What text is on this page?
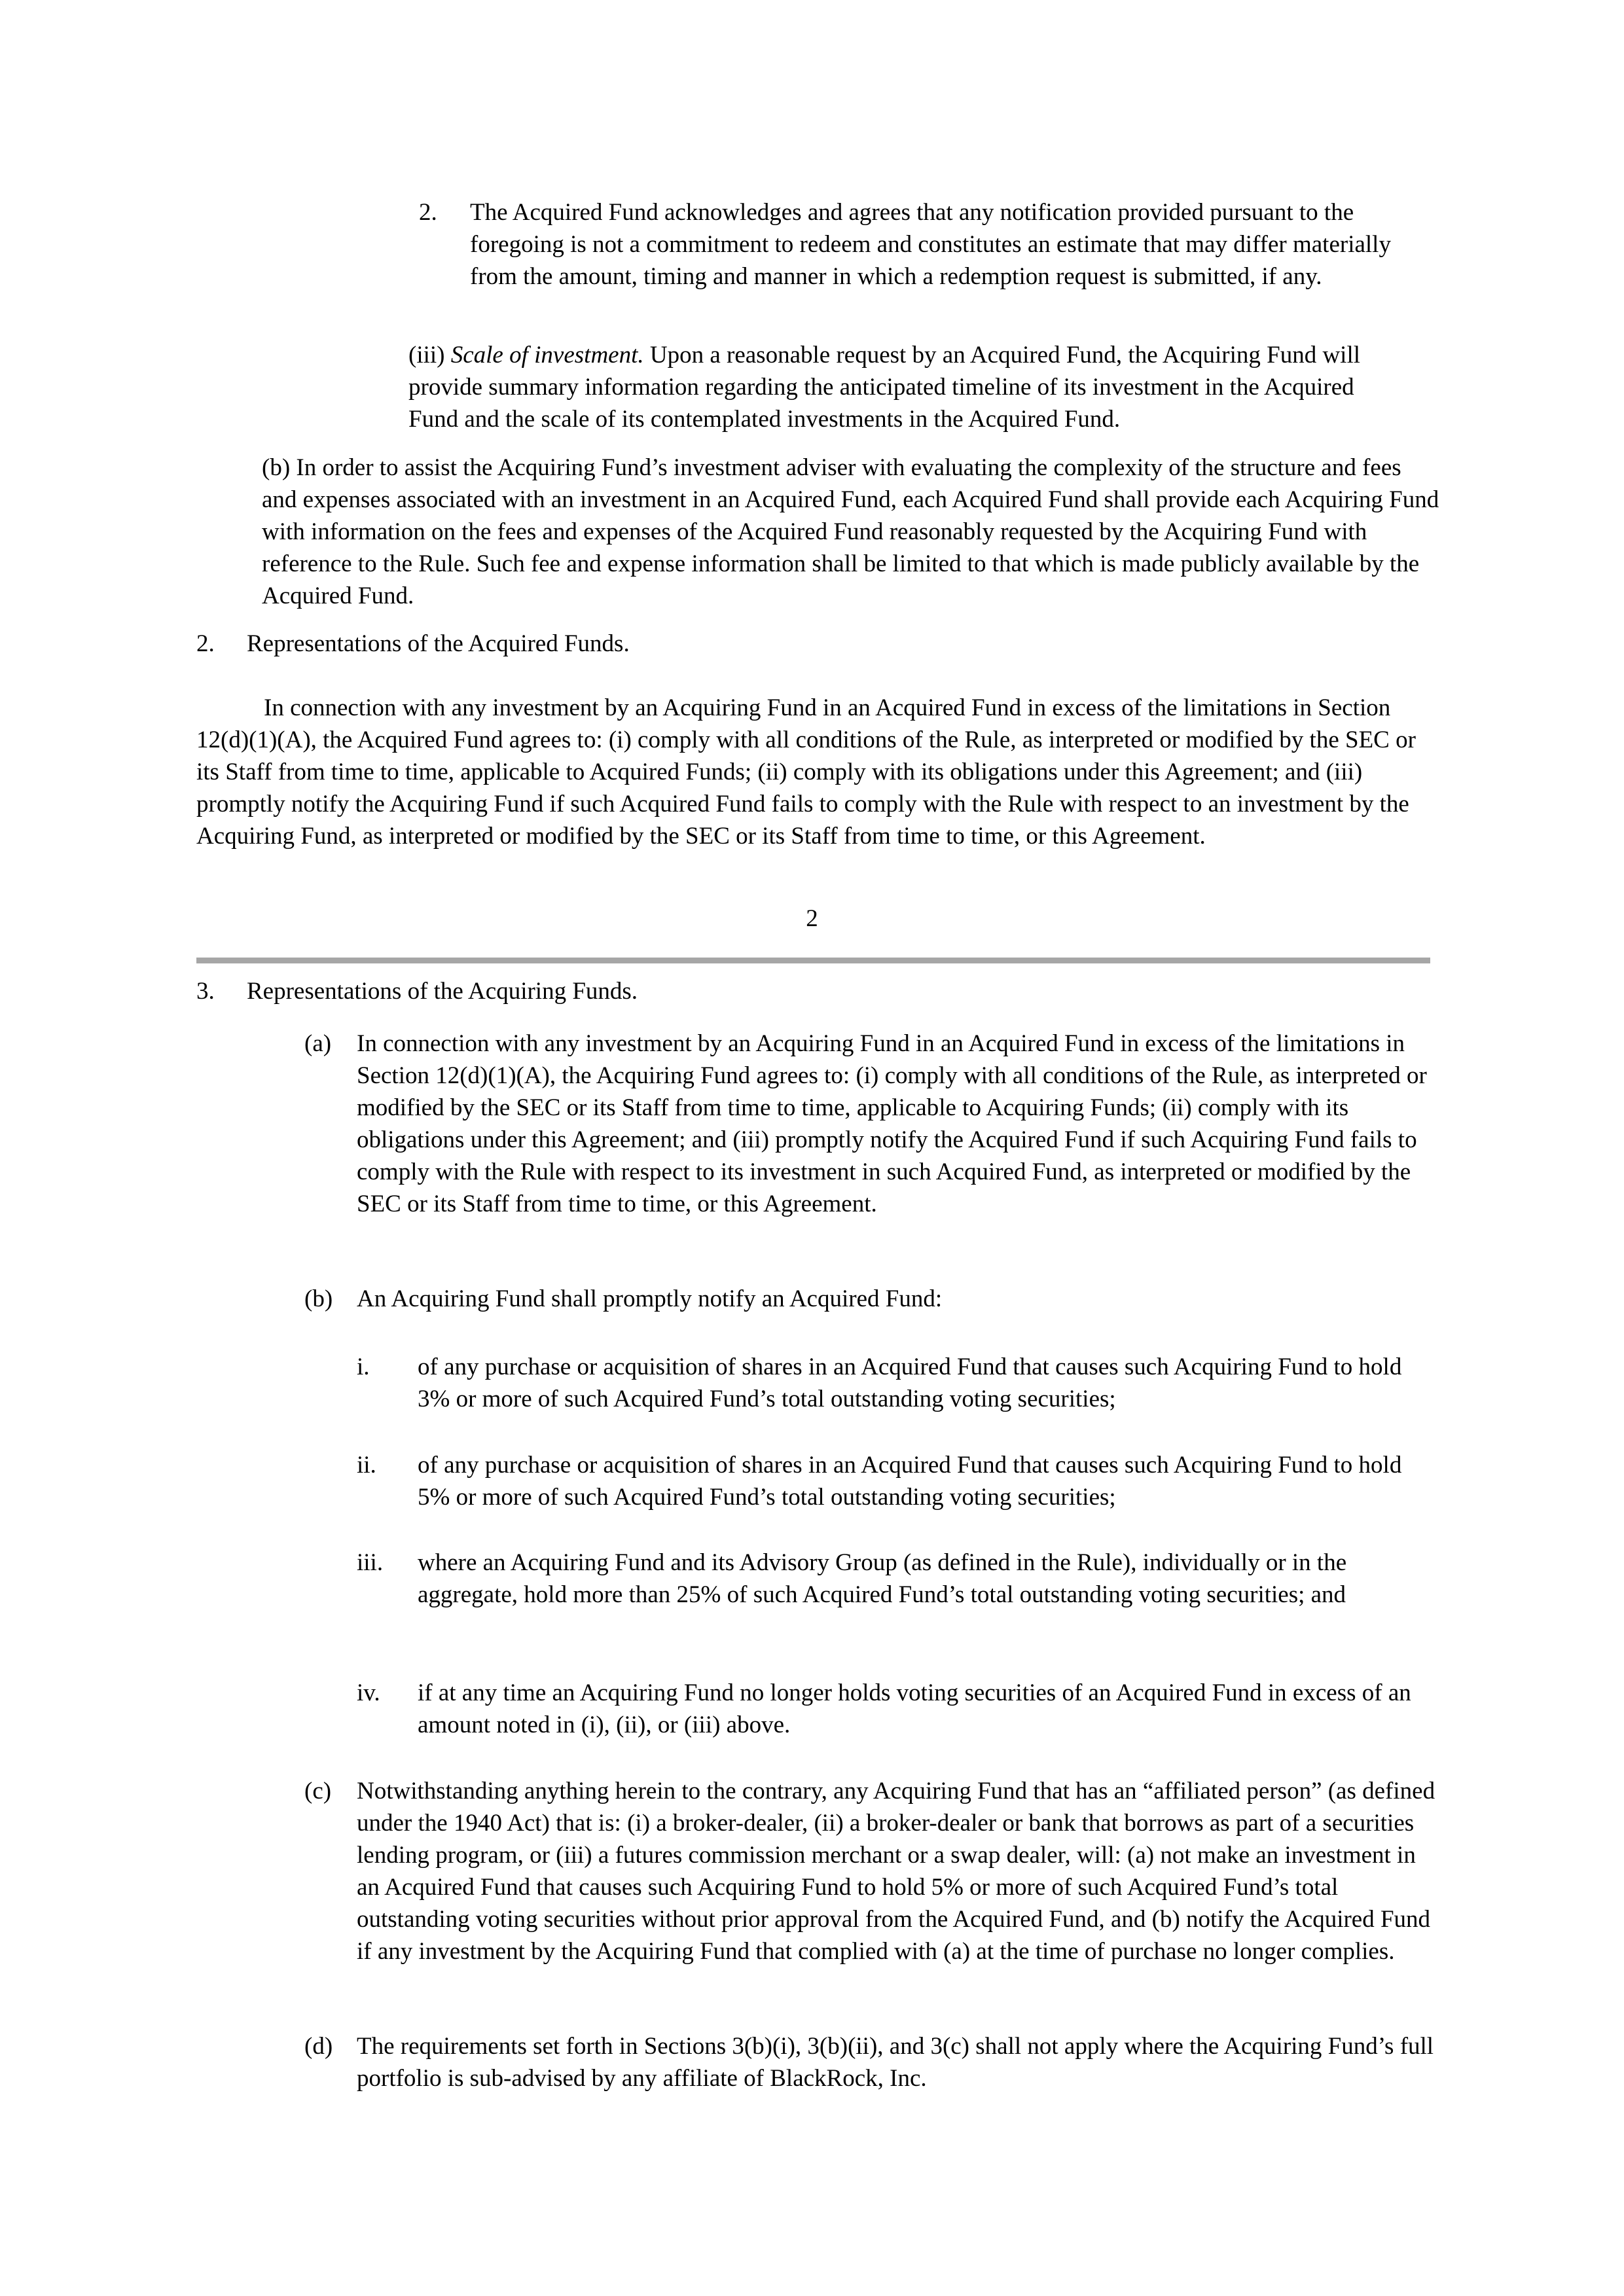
2. The Acquired Fund acknowledges and agrees that any notification provided pursuant to the foregoing is not a commitment to redeem and constitutes an estimate that may differ materially from the amount, timing and manner in which a redemption request is submitted, if any.
(iii) Scale of investment. Upon a reasonable request by an Acquired Fund, the Acquiring Fund will provide summary information regarding the anticipated timeline of its investment in the Acquired Fund and the scale of its contemplated investments in the Acquired Fund.
(b) In order to assist the Acquiring Fund’s investment adviser with evaluating the complexity of the structure and fees and expenses associated with an investment in an Acquired Fund, each Acquired Fund shall provide each Acquiring Fund with information on the fees and expenses of the Acquired Fund reasonably requested by the Acquiring Fund with reference to the Rule. Such fee and expense information shall be limited to that which is made publicly available by the Acquired Fund.
2. Representations of the Acquired Funds.
In connection with any investment by an Acquiring Fund in an Acquired Fund in excess of the limitations in Section 12(d)(1)(A), the Acquired Fund agrees to: (i) comply with all conditions of the Rule, as interpreted or modified by the SEC or its Staff from time to time, applicable to Acquired Funds; (ii) comply with its obligations under this Agreement; and (iii) promptly notify the Acquiring Fund if such Acquired Fund fails to comply with the Rule with respect to an investment by the Acquiring Fund, as interpreted or modified by the SEC or its Staff from time to time, or this Agreement.
2
3. Representations of the Acquiring Funds.
(a) In connection with any investment by an Acquiring Fund in an Acquired Fund in excess of the limitations in Section 12(d)(1)(A), the Acquiring Fund agrees to: (i) comply with all conditions of the Rule, as interpreted or modified by the SEC or its Staff from time to time, applicable to Acquiring Funds; (ii) comply with its obligations under this Agreement; and (iii) promptly notify the Acquired Fund if such Acquiring Fund fails to comply with the Rule with respect to its investment in such Acquired Fund, as interpreted or modified by the SEC or its Staff from time to time, or this Agreement.
(b) An Acquiring Fund shall promptly notify an Acquired Fund:
i. of any purchase or acquisition of shares in an Acquired Fund that causes such Acquiring Fund to hold 3% or more of such Acquired Fund’s total outstanding voting securities;
ii. of any purchase or acquisition of shares in an Acquired Fund that causes such Acquiring Fund to hold 5% or more of such Acquired Fund’s total outstanding voting securities;
iii. where an Acquiring Fund and its Advisory Group (as defined in the Rule), individually or in the aggregate, hold more than 25% of such Acquired Fund’s total outstanding voting securities; and
iv. if at any time an Acquiring Fund no longer holds voting securities of an Acquired Fund in excess of an amount noted in (i), (ii), or (iii) above.
(c) Notwithstanding anything herein to the contrary, any Acquiring Fund that has an “affiliated person” (as defined under the 1940 Act) that is: (i) a broker-dealer, (ii) a broker-dealer or bank that borrows as part of a securities lending program, or (iii) a futures commission merchant or a swap dealer, will: (a) not make an investment in an Acquired Fund that causes such Acquiring Fund to hold 5% or more of such Acquired Fund’s total outstanding voting securities without prior approval from the Acquired Fund, and (b) notify the Acquired Fund if any investment by the Acquiring Fund that complied with (a) at the time of purchase no longer complies.
(d) The requirements set forth in Sections 3(b)(i), 3(b)(ii), and 3(c) shall not apply where the Acquiring Fund’s full portfolio is sub-advised by any affiliate of BlackRock, Inc.
